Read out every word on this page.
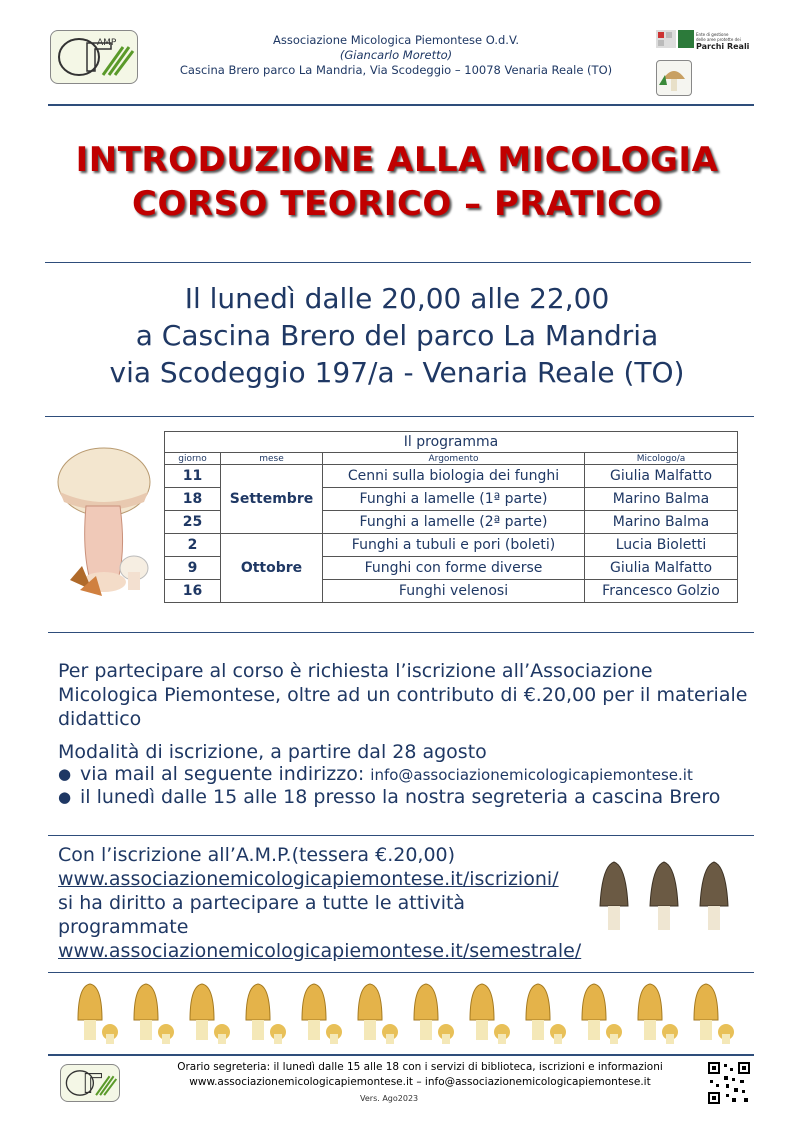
AMP	Associazione Micologica Piemontese O.d.V.
(Giancarlo Moretto)
Cascina Brero parco La Mandria, Via Scodeggio – 10078 Venaria Reale (TO)
Ente di gestione
delle aree protette dei
Parchi Reali
INTRODUZIONE ALLA MICOLOGIA
CORSO TEORICO – PRATICO
Il lunedì dalle 20,00 alle 22,00
a Cascina Brero del parco La Mandria
via Scodeggio 197/a - Venaria Reale (TO)
Il programma			
giorno	mese	Argomento	Micologo/a
11	Settembre	Cenni sulla biologia dei funghi	Giulia Malfatto
18		Funghi a lamelle (1ª parte)	Marino Balma
25		Funghi a lamelle (2ª parte)	Marino Balma
2	Ottobre	Funghi a tubuli e pori (boleti)	Lucia Bioletti
9		Funghi con forme diverse	Giulia Malfatto
16		Funghi velenosi	Francesco Golzio
Per partecipare al corso è richiesta l’iscrizione all’Associazione Micologica Piemontese, oltre ad un contributo di €.20,00 per il materiale didattico
Modalità di iscrizione, a partire dal 28 agosto
● via mail al seguente indirizzo: info@associazionemicologicapiemontese.it
● il lunedì dalle 15 alle 18 presso la nostra segreteria a cascina Brero
Con l’iscrizione all’A.M.P.(tessera €.20,00)
www.associazionemicologicapiemontese.it/iscrizioni/
si ha diritto a partecipare a tutte le attività programmate
www.associazionemicologicapiemontese.it/semestrale/
Orario segreteria: il lunedì dalle 15 alle 18 con i servizi di biblioteca, iscrizioni e informazioni
www.associazionemicologicapiemontese.it – info@associazionemicologicapiemontese.it
Vers. Ago2023
